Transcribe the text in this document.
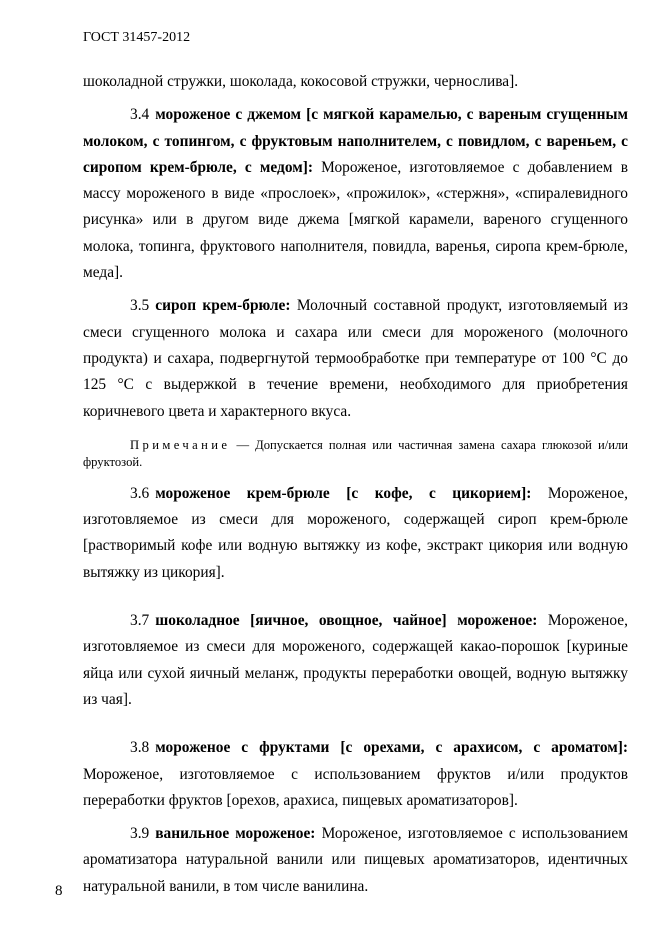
ГОСТ 31457-2012

шоколадной стружки, шоколада, кокосовой стружки, чернослива].

3.4 мороженое с джемом [с мягкой карамелью, с вареным сгущенным молоком, с топингом, с фруктовым наполнителем, с повидлом, с вареньем, с сиропом крем-брюле, с медом]: Мороженое, изготовляемое с добавлением в массу мороженого в виде «прослоек», «прожилок», «стержня», «спиралевидного рисунка» или в другом виде джема [мягкой карамели, вареного сгущенного молока, топинга, фруктового наполнителя, повидла, варенья, сиропа крем-брюле, меда].

3.5 сироп крем-брюле: Молочный составной продукт, изготовляемый из смеси сгущенного молока и сахара или смеси для мороженого (молочного продукта) и сахара, подвергнутой термообработке при температуре от 100 °С до 125 °С с выдержкой в течение времени, необходимого для приобретения коричневого цвета и характерного вкуса.

Примечание — Допускается полная или частичная замена сахара глюкозой и/или фруктозой.

3.6 мороженое крем-брюле [с кофе, с цикорием]: Мороженое, изготовляемое из смеси для мороженого, содержащей сироп крем-брюле [растворимый кофе или водную вытяжку из кофе, экстракт цикория или водную вытяжку из цикория].

3.7 шоколадное [яичное, овощное, чайное] мороженое: Мороженое, изготовляемое из смеси для мороженого, содержащей какао-порошок [куриные яйца или сухой яичный меланж, продукты переработки овощей, водную вытяжку из чая].

3.8 мороженое с фруктами [с орехами, с арахисом, с ароматом]: Мороженое, изготовляемое с использованием фруктов и/или продуктов переработки фруктов [орехов, арахиса, пищевых ароматизаторов].

3.9 ванильное мороженое: Мороженое, изготовляемое с использованием ароматизатора натуральной ванили или пищевых ароматизаторов, идентичных натуральной ванили, в том числе ванилина.

8
